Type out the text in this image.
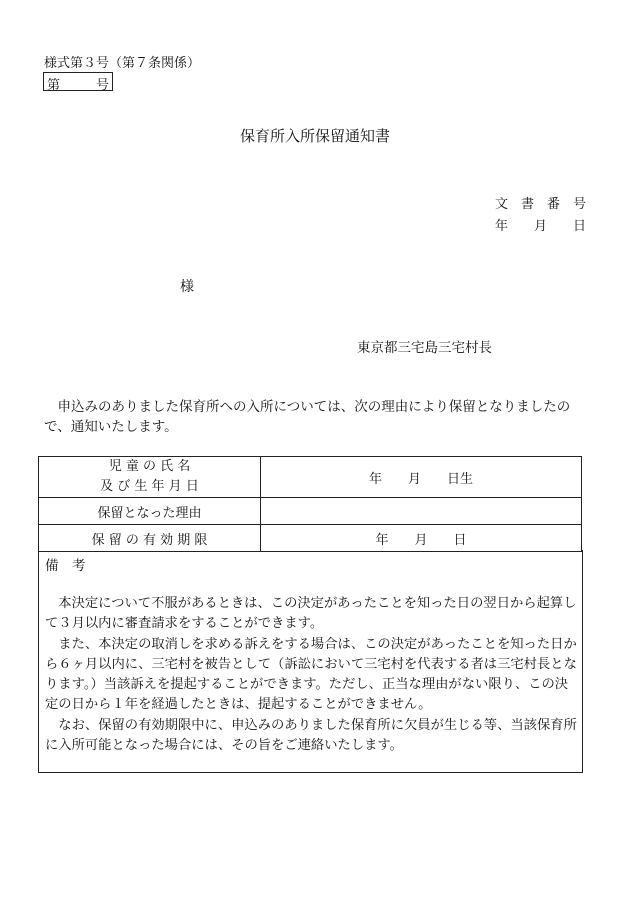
様式第３号（第７条関係）
第	号
保育所入所保留通知書
文　書　番　号
年　　月　　日
様
東京都三宅島三宅村長
　申込みのありました保育所への入所については、次の理由により保留となりましたので、通知いたします。
児 童 の 氏 名
及 び 生 年 月 日	年　　月　　日生
保留となった理由	
保 留 の 有 効 期 限	年　　月　　日
備　考

本決定について不服があるときは、この決定があったことを知った日の翌日から起算して３月以内に審査請求をすることができます。

また、本決定の取消しを求める訴えをする場合は、この決定があったことを知った日から６ヶ月以内に、三宅村を被告として（訴訟において三宅村を代表する者は三宅村長となります。）当該訴えを提起することができます。ただし、正当な理由がない限り、この決定の日から１年を経過したときは、提起することができません。

なお、保留の有効期限中に、申込みのありました保育所に欠員が生じる等、当該保育所に入所可能となった場合には、その旨をご連絡いたします。
